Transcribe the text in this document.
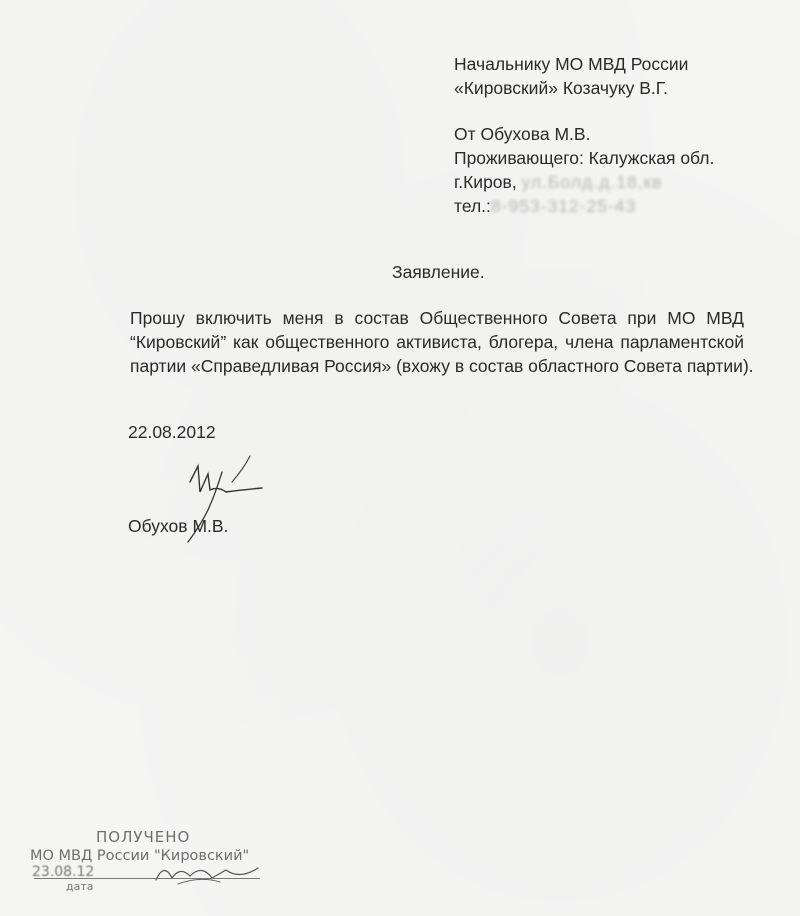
Начальнику МО МВД России
«Кировский» Козачуку В.Г.
От Обухова М.В.
Проживающего: Калужская обл.
г.Киров, ул.Болд.д.18,кв
тел.:8-953-312-25-43
Заявление.
Прошу включить меня в состав Общественного Совета при МО МВД
“Кировский” как общественного активиста, блогера, члена парламентской
партии «Справедливая Россия» (вхожу в состав областного Совета партии).
22.08.2012
Обухов М.В.
ПОЛУЧЕНО
МО МВД России "Кировский"
23.08.12
дата
